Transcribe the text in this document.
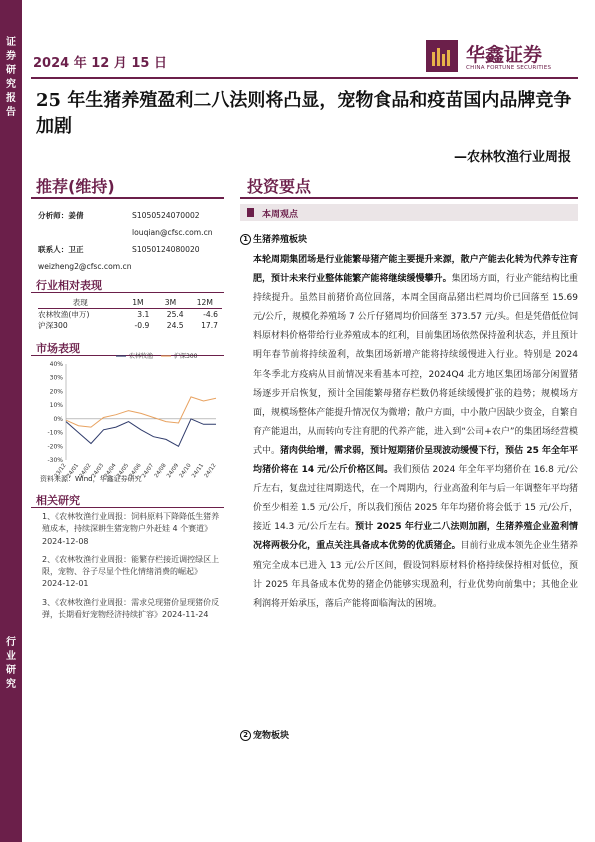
证券研究报告
行业研究
2024 年 12 月 15 日	华鑫证券
CHINA FORTUNE SECURITIES
25 年生猪养殖盈利二八法则将凸显，宠物食品和疫苗国内品牌竞争加剧
—农林牧渔行业周报
推荐(维持)	投资要点
分析师：姜倩	S1050524070002
louqian@cfsc.com.cn
联系人：卫正	S1050124080020
weizheng2@cfsc.com.cn
行业相对表现
表现	1M	3M	12M
农林牧渔(申万)	3.1	25.4	-4.6
沪深300	-0.9	24.5	17.7
市场表现
-30%
-20%
-10%
0%
10%
20%
30%
40%
23/12
24/01
24/02
24/03
24/04
24/05
24/06
24/07
24/08
24/09
24/10
24/11
24/12
农林牧渔	沪深300
资料来源：Wind，华鑫证券研究
相关研究
1、《农林牧渔行业周报：饲料原料下降降低生猪养殖成本，持续深耕生猪宠物户外赶娃 4 个赛道》2024-12-08
2、《农林牧渔行业周报：能繁存栏接近调控绿区上限，宠物、谷子尽显个性化情绪消费的崛起》2024-12-01
3、《农林牧渔行业周报：需求兑现猪价显现猪价反弹，长期看好宠物经济持续扩容》2024-11-24
本周观点
1 生猪养殖板块
本轮周期集团场是行业能繁母猪产能主要提升来源，散户产能去化转为代养专注育肥，预计未来行业整体能繁产能将继续缓慢攀升。集团场方面，行业产能结构比重持续提升。虽然目前猪价高位回落，本周全国商品猪出栏周均价已回落至 15.69 元/公斤，规模化养殖场 7 公斤仔猪周均价回落至 373.57 元/头。但是凭借低位饲料原材料价格带给行业养殖成本的红利，目前集团场依然保持盈利状态，并且预计明年春节前将持续盈利，故集团场新增产能将持续缓慢进入行业。特别是 2024 年冬季北方疫病从目前情况来看基本可控，2024Q4 北方地区集团场部分闲置猪场逐步开启恢复，预计全国能繁母猪存栏数仍将延续缓慢扩张的趋势；规模场方面，规模场整体产能提升情况仅为微增；散户方面，中小散户因缺少资金，自繁自育产能退出，从而转向专注育肥的代养产能，进入到“公司+农户”的集团场经营模式中。猪肉供给增，需求弱，预计短期猪价呈现波动缓慢下行，预估 25 年全年平均猪价将在 14 元/公斤价格区间。我们预估 2024 年全年平均猪价在 16.8 元/公斤左右，复盘过往周期迭代，在一个周期内，行业高盈利年与后一年调整年平均猪价至少相差 1.5 元/公斤，所以我们预估 2025 年年均猪价将会低于 15 元/公斤，接近 14.3 元/公斤左右。预计 2025 年行业二八法则加剧，生猪养殖企业盈利情况将两极分化，重点关注具备成本优势的优质猪企。目前行业成本领先企业生猪养殖完全成本已进入 13 元/公斤区间，假设饲料原材料价格持续保持相对低位，预计 2025 年具备成本优势的猪企仍能够实现盈利，行业优势向前集中；其他企业利润将开始承压，落后产能将面临淘汰的困境。
2 宠物板块
